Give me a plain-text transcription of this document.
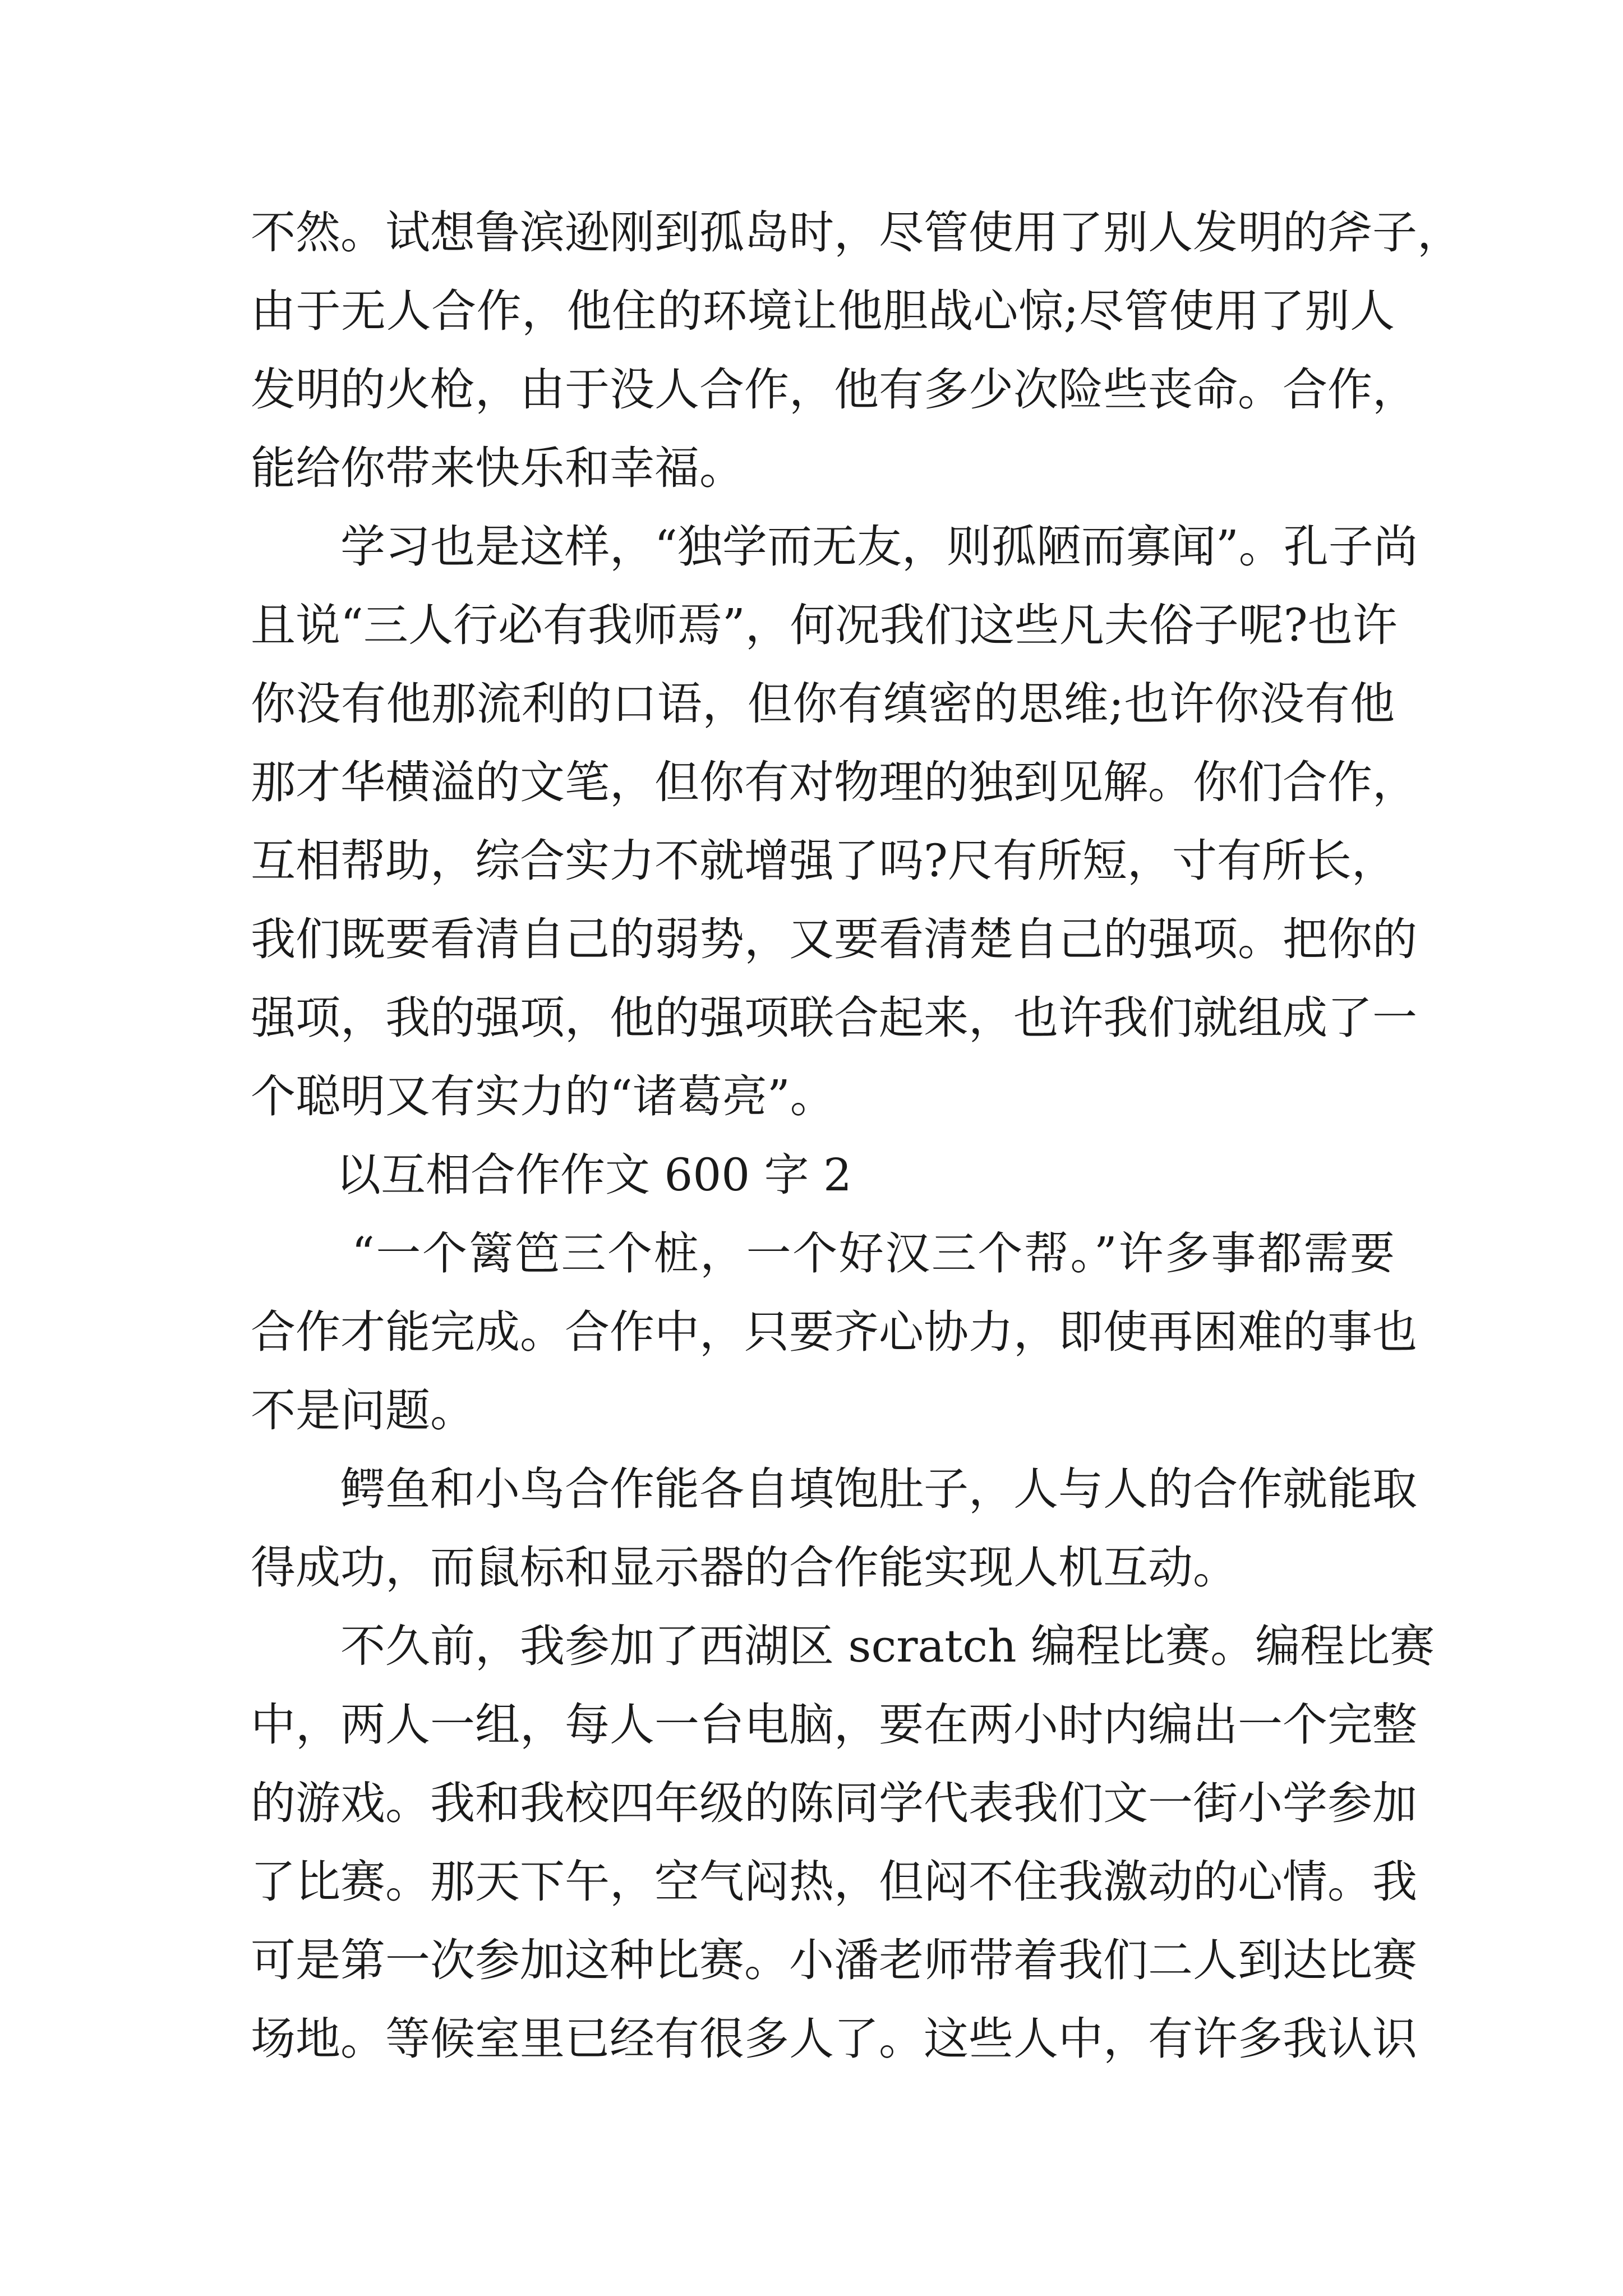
不然。试想鲁滨逊刚到孤岛时，尽管使用了别人发明的斧子，
由于无人合作，他住的环境让他胆战心惊;尽管使用了别人
发明的火枪，由于没人合作，他有多少次险些丧命。合作，
能给你带来快乐和幸福。
学习也是这样，“独学而无友，则孤陋而寡闻”。孔子尚
且说“三人行必有我师焉”，何况我们这些凡夫俗子呢?也许
你没有他那流利的口语，但你有缜密的思维;也许你没有他
那才华横溢的文笔，但你有对物理的独到见解。你们合作，
互相帮助，综合实力不就增强了吗?尺有所短，寸有所长，
我们既要看清自己的弱势，又要看清楚自己的强项。把你的
强项，我的强项，他的强项联合起来，也许我们就组成了一
个聪明又有实力的“诸葛亮”。
以互相合作作文 600 字 2
“一个篱笆三个桩，一个好汉三个帮。”许多事都需要
合作才能完成。合作中，只要齐心协力，即使再困难的事也
不是问题。
鳄鱼和小鸟合作能各自填饱肚子，人与人的合作就能取
得成功，而鼠标和显示器的合作能实现人机互动。
不久前，我参加了西湖区 scratch 编程比赛。编程比赛
中，两人一组，每人一台电脑，要在两小时内编出一个完整
的游戏。我和我校四年级的陈同学代表我们文一街小学参加
了比赛。那天下午，空气闷热，但闷不住我激动的心情。我
可是第一次参加这种比赛。小潘老师带着我们二人到达比赛
场地。等候室里已经有很多人了。这些人中，有许多我认识
